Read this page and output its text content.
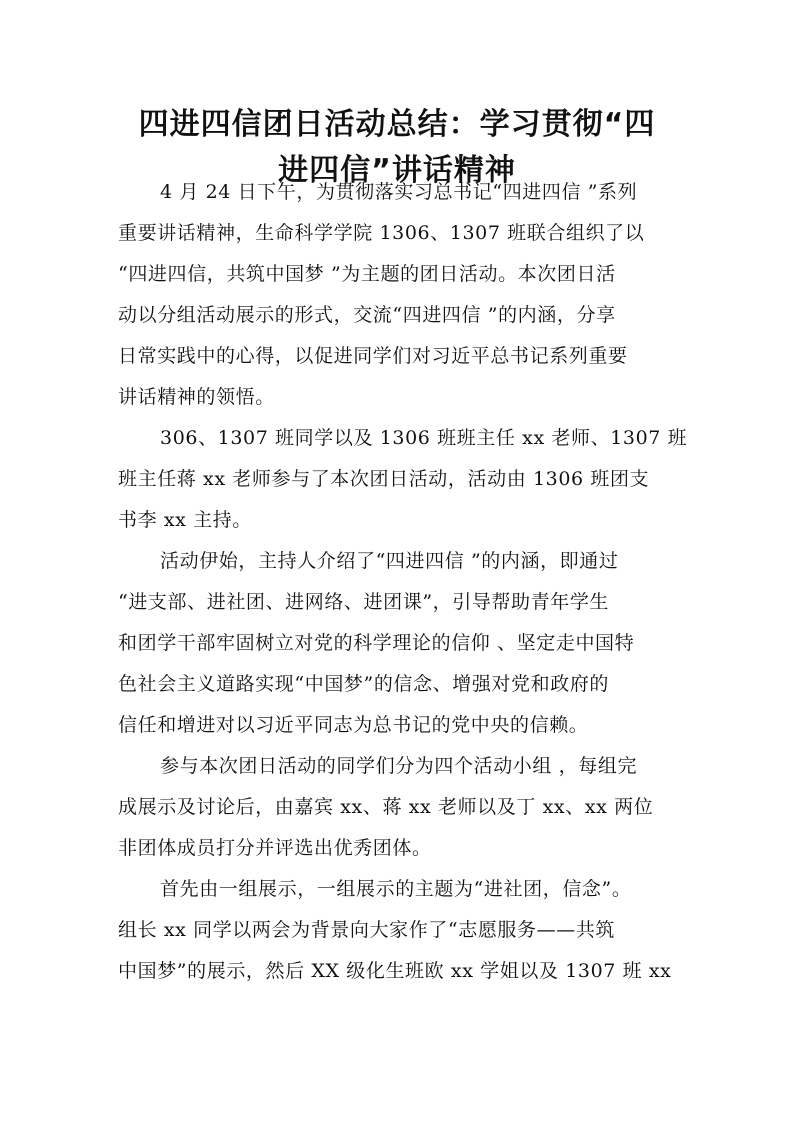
四进四信团日活动总结：学习贯彻“四
进四信”讲话精神
4 月 24 日下午，为贯彻落实习总书记“四进四信 ”系列
重要讲话精神，生命科学学院 1306、1307 班联合组织了以
“四进四信，共筑中国梦 ”为主题的团日活动。本次团日活
动以分组活动展示的形式，交流“四进四信 ”的内涵，分享
日常实践中的心得，以促进同学们对习近平总书记系列重要
讲话精神的领悟。
306、1307 班同学以及 1306 班班主任 xx 老师、1307 班
班主任蒋 xx 老师参与了本次团日活动，活动由 1306 班团支
书李 xx 主持。
活动伊始，主持人介绍了“四进四信 ”的内涵，即通过
“进支部、进社团、进网络、进团课”，引导帮助青年学生
和团学干部牢固树立对党的科学理论的信仰 、坚定走中国特
色社会主义道路实现“中国梦”的信念、增强对党和政府的
信任和增进对以习近平同志为总书记的党中央的信赖。
参与本次团日活动的同学们分为四个活动小组 ，每组完
成展示及讨论后，由嘉宾 xx、蒋 xx 老师以及丁 xx、xx 两位
非团体成员打分并评选出优秀团体。
首先由一组展示，一组展示的主题为“进社团，信念”。
组长 xx 同学以两会为背景向大家作了“志愿服务——共筑
中国梦”的展示，然后 XX 级化生班欧 xx 学姐以及 1307 班 xx
